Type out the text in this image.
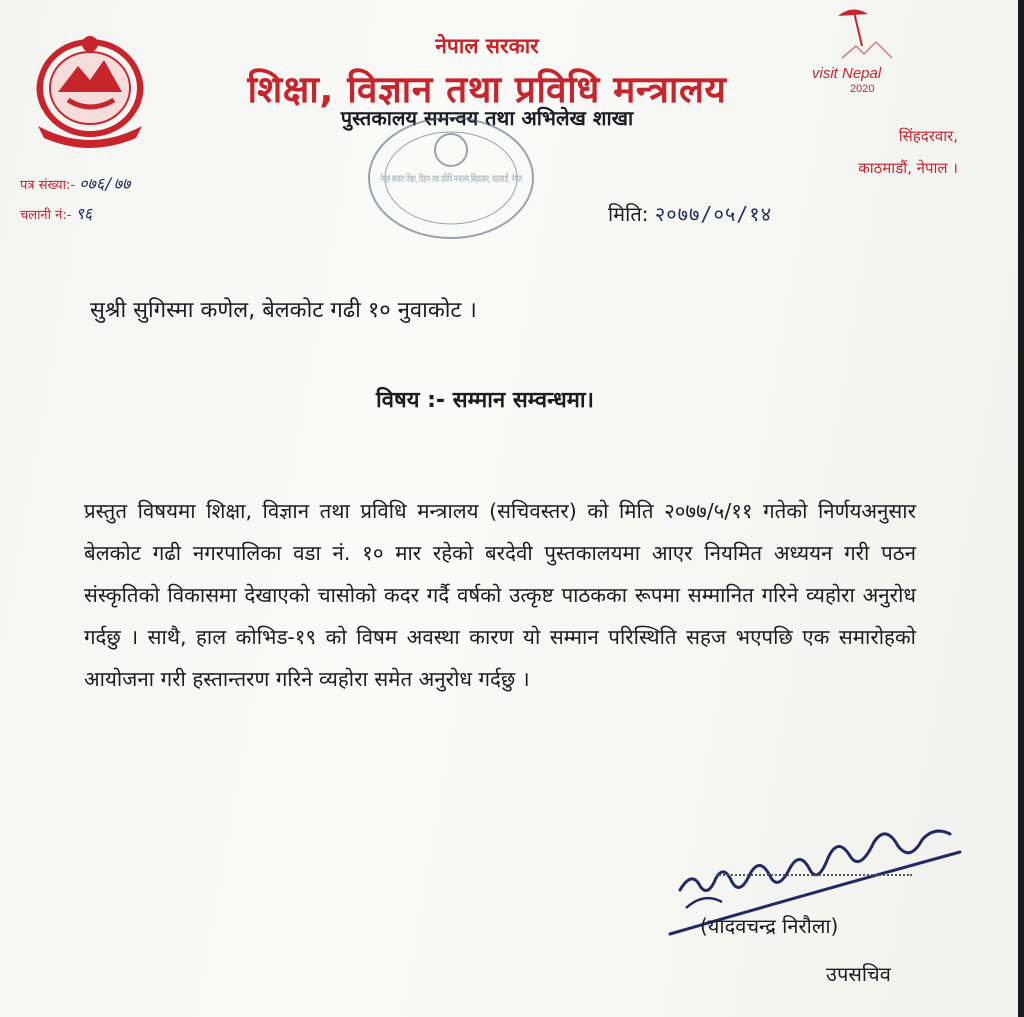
नेपाल सरकार
शिक्षा, विज्ञान तथा प्रविधि मन्त्रालय
पुस्तकालय समन्वय तथा अभिलेख शाखा
visit Nepal
2020
सिंहदरवार,
काठमाडौं, नेपाल ।
पत्र संख्या:- ०७६/७७
चलानी नं:- ९६
नेपाल सरकार शिक्षा, विज्ञान तथा प्रविधि मन्त्रालय सिंहदरबार, काठमाडौं, नेपाल
मिति: २०७७/०५/१४
सुश्री सुगिस्मा कणेल, बेलकोट गढी १० नुवाकोट ।
विषय :- सम्मान सम्वन्धमा।
प्रस्तुत विषयमा शिक्षा, विज्ञान तथा प्रविधि मन्त्रालय (सचिवस्तर) को मिति २०७७/५/११ गतेको निर्णयअनुसार बेलकोट गढी नगरपालिका वडा नं. १० मार रहेको बरदेवी पुस्तकालयमा आएर नियमित अध्ययन गरी पठन संस्कृतिको विकासमा देखाएको चासोको कदर गर्दै वर्षको उत्कृष्ट पाठकका रूपमा सम्मानित गरिने व्यहोरा अनुरोध गर्दछु । साथै, हाल कोभिड-१९ को विषम अवस्था कारण यो सम्मान परिस्थिति सहज भएपछि एक समारोहको आयोजना गरी हस्तान्तरण गरिने व्यहोरा समेत अनुरोध गर्दछु ।
(यादवचन्द्र निरौला)
उपसचिव
